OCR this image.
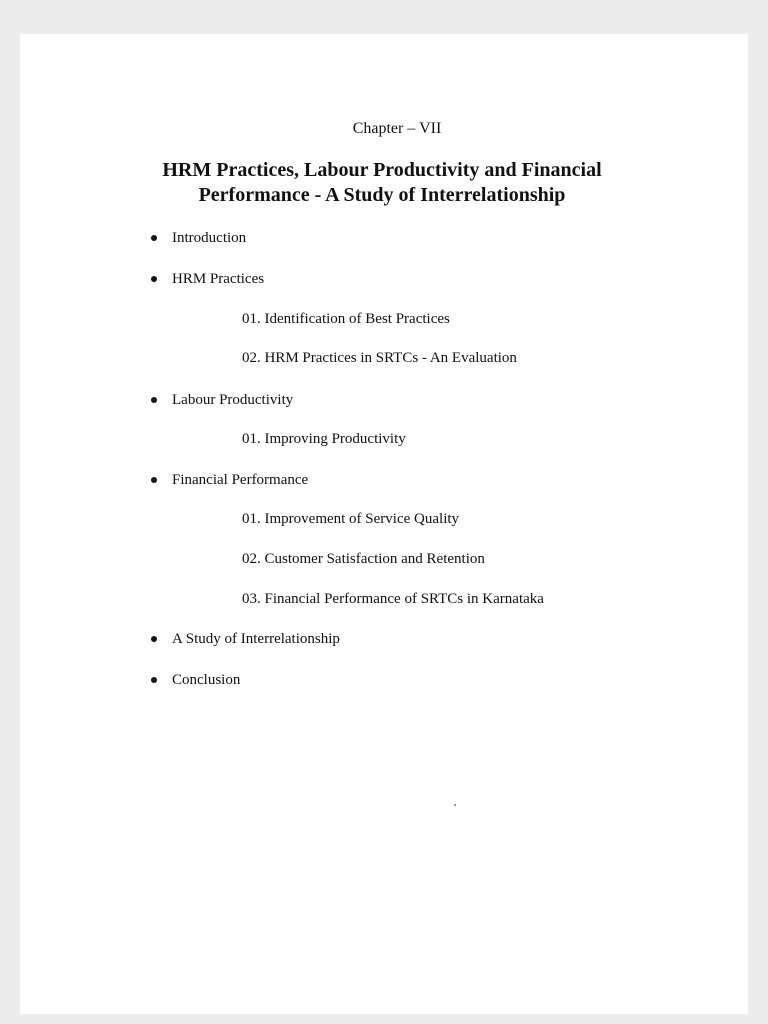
Chapter – VII
HRM Practices, Labour Productivity and Financial
Performance - A Study of Interrelationship
Introduction
HRM Practices
01. Identification of Best Practices
02. HRM Practices in SRTCs - An Evaluation
Labour Productivity
01. Improving Productivity
Financial Performance
01. Improvement of Service Quality
02. Customer Satisfaction and Retention
03. Financial Performance of SRTCs in Karnataka
A Study of Interrelationship
Conclusion
